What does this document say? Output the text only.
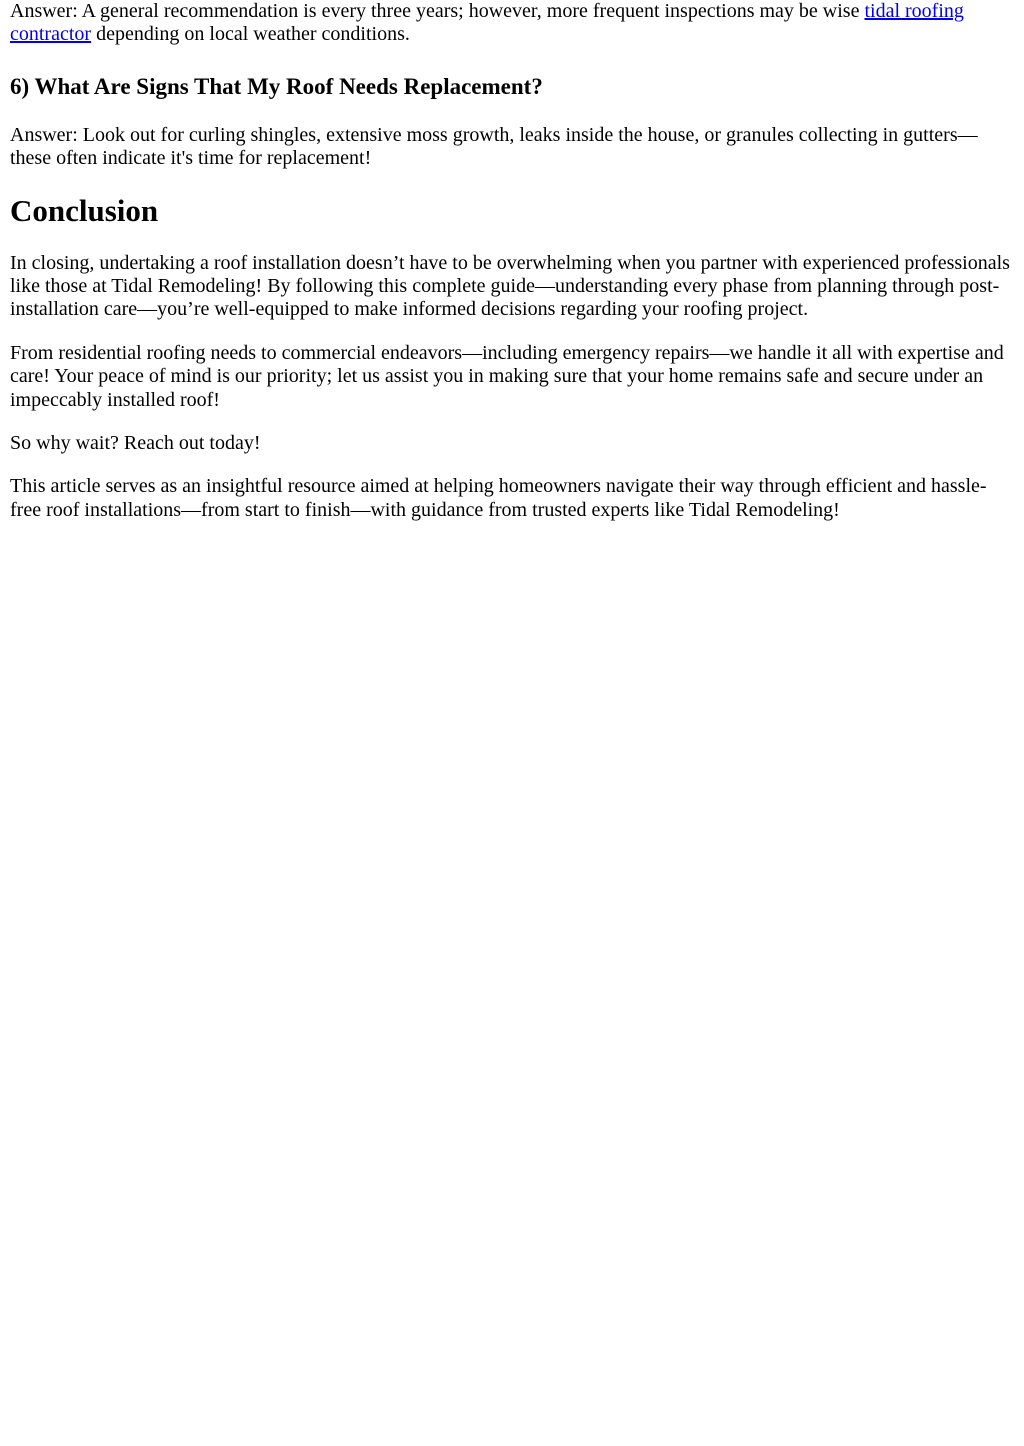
Answer: A general recommendation is every three years; however, more frequent inspections may be wise tidal roofing contractor depending on local weather conditions.

6) What Are Signs That My Roof Needs Replacement?

Answer: Look out for curling shingles, extensive moss growth, leaks inside the house, or granules collecting in gutters—these often indicate it's time for replacement!

Conclusion

In closing, undertaking a roof installation doesn’t have to be overwhelming when you partner with experienced professionals like those at Tidal Remodeling! By following this complete guide—understanding every phase from planning through post-installation care—you’re well-equipped to make informed decisions regarding your roofing project.

From residential roofing needs to commercial endeavors—including emergency repairs—we handle it all with expertise and care! Your peace of mind is our priority; let us assist you in making sure that your home remains safe and secure under an impeccably installed roof!

So why wait? Reach out today!

This article serves as an insightful resource aimed at helping homeowners navigate their way through efficient and hassle-free roof installations—from start to finish—with guidance from trusted experts like Tidal Remodeling!
